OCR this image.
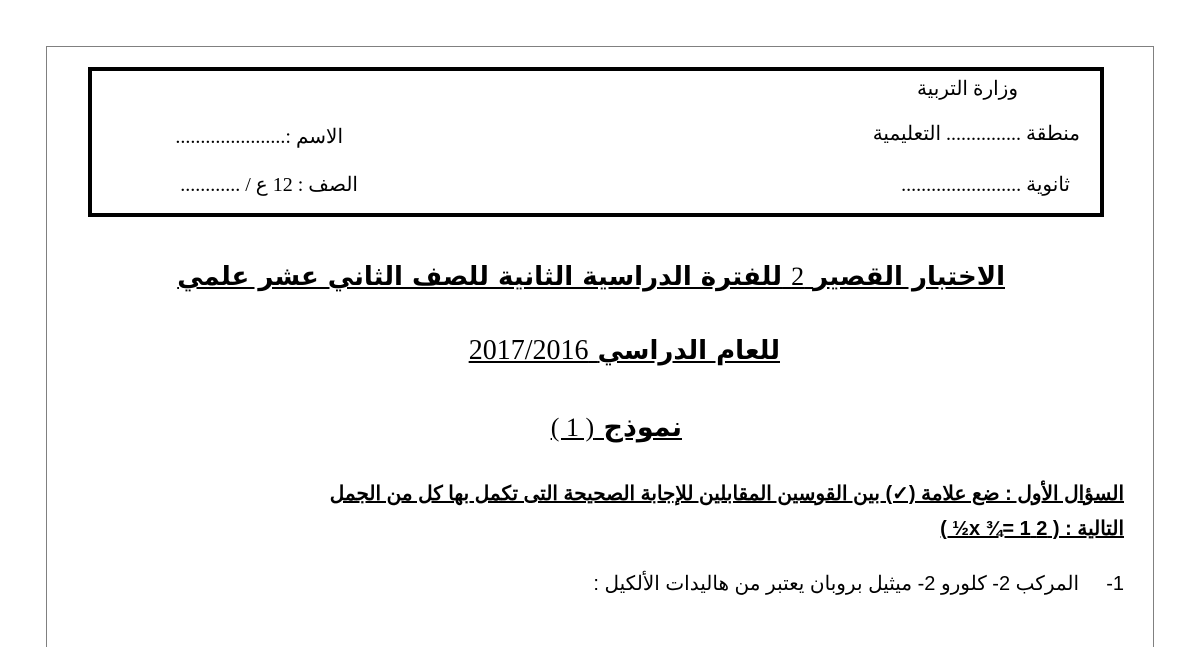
وزارة التربية
منطقة ............... التعليمية
ثانوية ........................
الاسم :......................
الصف : 12 ع / ............
الاختبار القصير 2 للفترة الدراسية الثانية للصف الثاني عشر علمي
للعام الدراسي 2017/2016
نموذج ( 1 )
السؤال الأول : ضع علامة (✓) بين القوسين المقابلين للإجابة الصحيحة التى تكمل بها كل من الجمل
التالية : ( 2 x ¾= 1½ )
1-  المركب 2- كلورو 2- ميثيل بروبان يعتبر من هاليدات الألكيل :
